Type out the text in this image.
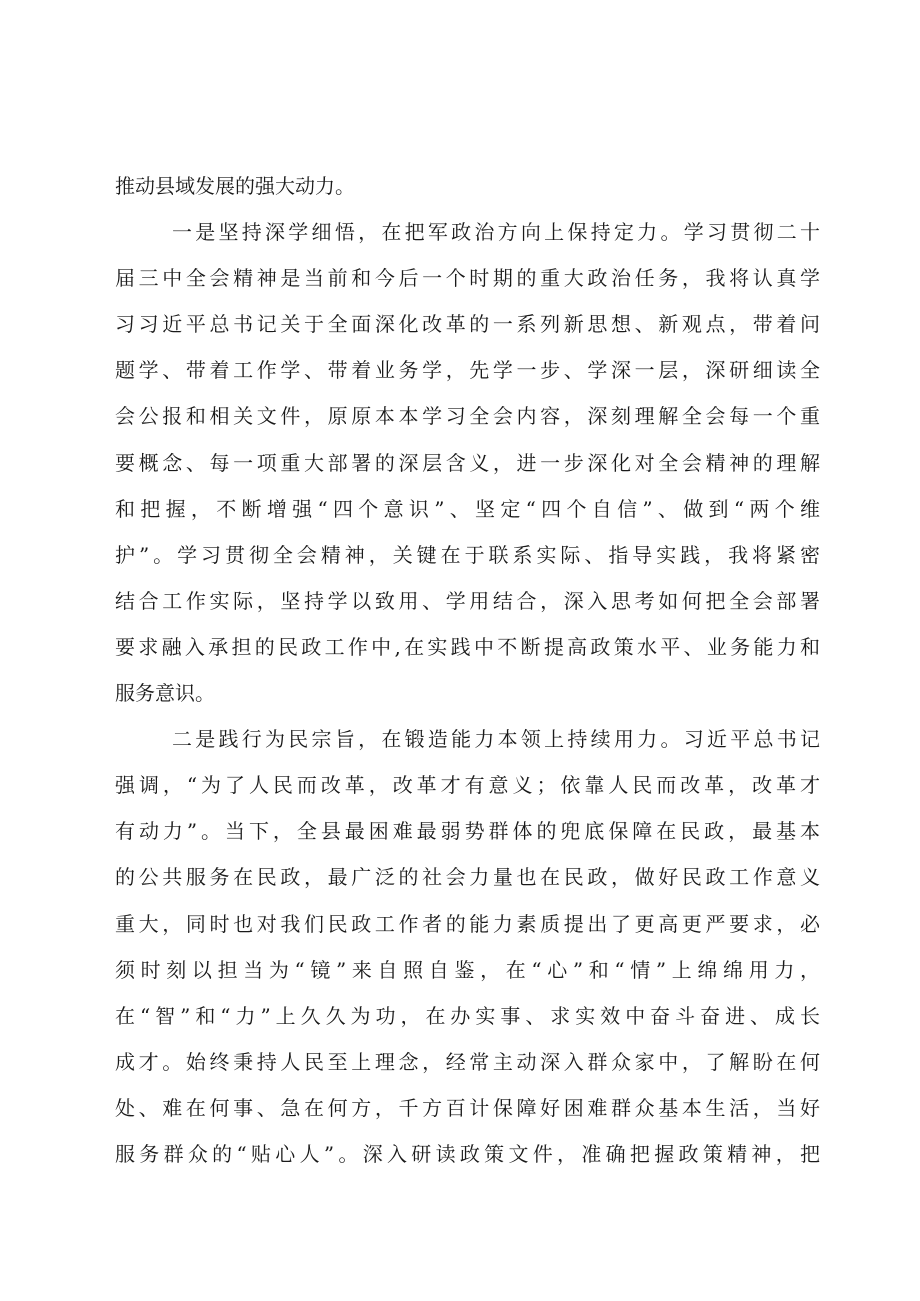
推动县域发展的强大动力。
一是坚持深学细悟，在把军政治方向上保持定力。学习贯彻二十
届三中全会精神是当前和今后一个时期的重大政治任务，我将认真学
习习近平总书记关于全面深化改革的一系列新思想、新观点，带着问
题学、带着工作学、带着业务学，先学一步、学深一层，深研细读全
会公报和相关文件，原原本本学习全会内容，深刻理解全会每一个重
要概念、每一项重大部署的深层含义，进一步深化对全会精神的理解
和把握，不断增强“四个意识”、坚定“四个自信”、做到“两个维
护”。学习贯彻全会精神，关键在于联系实际、指导实践，我将紧密
结合工作实际，坚持学以致用、学用结合，深入思考如何把全会部署
要求融入承担的民政工作中,在实践中不断提高政策水平、业务能力和
服务意识。
二是践行为民宗旨，在锻造能力本领上持续用力。习近平总书记
强调，“为了人民而改革，改革才有意义；依靠人民而改革，改革才
有动力”。当下，全县最困难最弱势群体的兜底保障在民政，最基本
的公共服务在民政，最广泛的社会力量也在民政，做好民政工作意义
重大，同时也对我们民政工作者的能力素质提出了更高更严要求，必
须时刻以担当为“镜”来自照自鉴，在“心”和“情”上绵绵用力，
在“智”和“力”上久久为功，在办实事、求实效中奋斗奋进、成长
成才。始终秉持人民至上理念，经常主动深入群众家中，了解盼在何
处、难在何事、急在何方，千方百计保障好困难群众基本生活，当好
服务群众的“贴心人”。深入研读政策文件，准确把握政策精神，把
